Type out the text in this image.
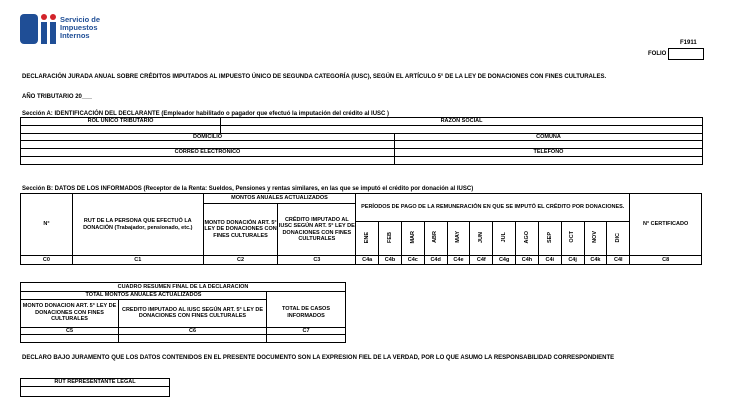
Servicio de
Impuestos
Internos
F1911
FOLIO
DECLARACIÓN JURADA ANUAL SOBRE CRÉDITOS IMPUTADOS AL IMPUESTO ÚNICO DE SEGUNDA CATEGORÍA (IUSC), SEGÚN EL ARTÍCULO 5° DE LA LEY DE DONACIONES CON FINES CULTURALES.
AÑO TRIBUTARIO 20___
Sección A: IDENTIFICACIÓN DEL DECLARANTE (Empleador habilitado o pagador que efectuó la imputación del crédito al IUSC )
ROL ÚNICO TRIBUTARIO	RAZON SOCIAL	

DOMICILIO		COMUNA

CORREO ELECTRÓNICO		TELEFONO

Sección B: DATOS DE LOS INFORMADOS (Receptor de la Renta: Sueldos, Pensiones y rentas similares, en las que se imputó el crédito por donación al IUSC)
N°	RUT DE LA PERSONA QUE EFECTUÓ LA DONACIÓN (Trabajador, pensionado, etc.)	MONTOS ANUALES ACTUALIZADOS		PERÍODOS DE PAGO DE LA REMUNERACIÓN EN QUE SE IMPUTÓ EL CRÉDITO POR DONACIONES.												N° CERTIFICADO
		MONTO DONACIÓN ART. 5° LEY DE DONACIONES CON FINES CULTURALES	CRÉDITO IMPUTADO AL IUSC SEGÚN ART. 5° LEY DE DONACIONES CON FINES CULTURALES													
				ENE	FEB	MAR	ABR	MAY	JUN	JUL	AGO	SEP	OCT	NOV	DIC	
C0	C1	C2	C3	C4a	C4b	C4c	C4d	C4e	C4f	C4g	C4h	C4i	C4j	C4k	C4l	C8
CUADRO RESUMEN FINAL DE LA DECLARACION		
TOTAL MONTOS ANUALES ACTUALIZADOS		
MONTO DONACION ART. 5° LEY DE DONACIONES CON FINES CULTURALES	CREDITO IMPUTADO AL IUSC SEGÚN ART. 5° LEY DE DONACIONES CON FINES CULTURALES	TOTAL DE CASOS INFORMADOS
C5	C6	C7

DECLARO BAJO JURAMENTO QUE LOS DATOS CONTENIDOS EN EL PRESENTE DOCUMENTO SON LA EXPRESION FIEL DE LA VERDAD, POR LO QUE ASUMO LA RESPONSABILIDAD CORRESPONDIENTE
RUT REPRESENTANTE LEGAL
